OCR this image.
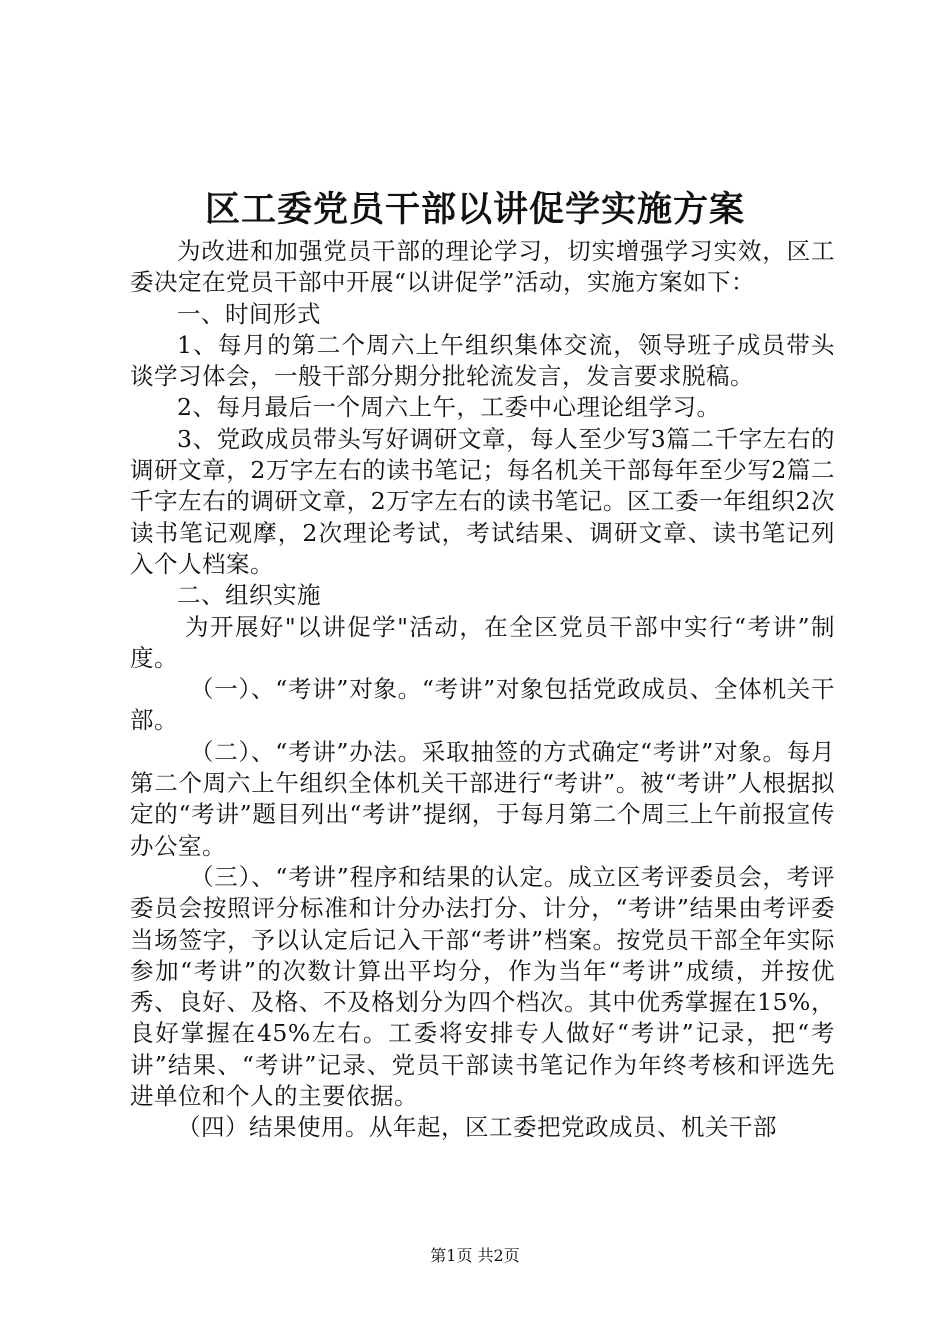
区工委党员干部以讲促学实施方案

为改进和加强党员干部的理论学习，切实增强学习实效，区工委决定在党员干部中开展“以讲促学”活动，实施方案如下：

一、时间形式

1、每月的第二个周六上午组织集体交流，领导班子成员带头谈学习体会，一般干部分期分批轮流发言，发言要求脱稿。

2、每月最后一个周六上午，工委中心理论组学习。

3、党政成员带头写好调研文章，每人至少写3篇二千字左右的调研文章，2万字左右的读书笔记；每名机关干部每年至少写2篇二千字左右的调研文章，2万字左右的读书笔记。区工委一年组织2次读书笔记观摩，2次理论考试，考试结果、调研文章、读书笔记列入个人档案。

二、组织实施

为开展好"以讲促学"活动，在全区党员干部中实行“考讲”制度。

（一）、“考讲”对象。“考讲”对象包括党政成员、全体机关干部。

（二）、“考讲”办法。采取抽签的方式确定“考讲”对象。每月第二个周六上午组织全体机关干部进行“考讲”。被“考讲”人根据拟定的“考讲”题目列出“考讲”提纲，于每月第二个周三上午前报宣传办公室。

（三）、“考讲”程序和结果的认定。成立区考评委员会，考评委员会按照评分标准和计分办法打分、计分，“考讲”结果由考评委当场签字，予以认定后记入干部“考讲”档案。按党员干部全年实际参加“考讲”的次数计算出平均分，作为当年“考讲”成绩，并按优秀、良好、及格、不及格划分为四个档次。其中优秀掌握在15%，良好掌握在45%左右。工委将安排专人做好“考讲”记录，把“考讲”结果、“考讲”记录、党员干部读书笔记作为年终考核和评选先进单位和个人的主要依据。

（四）结果使用。从年起，区工委把党政成员、机关干部

第1页 共2页
